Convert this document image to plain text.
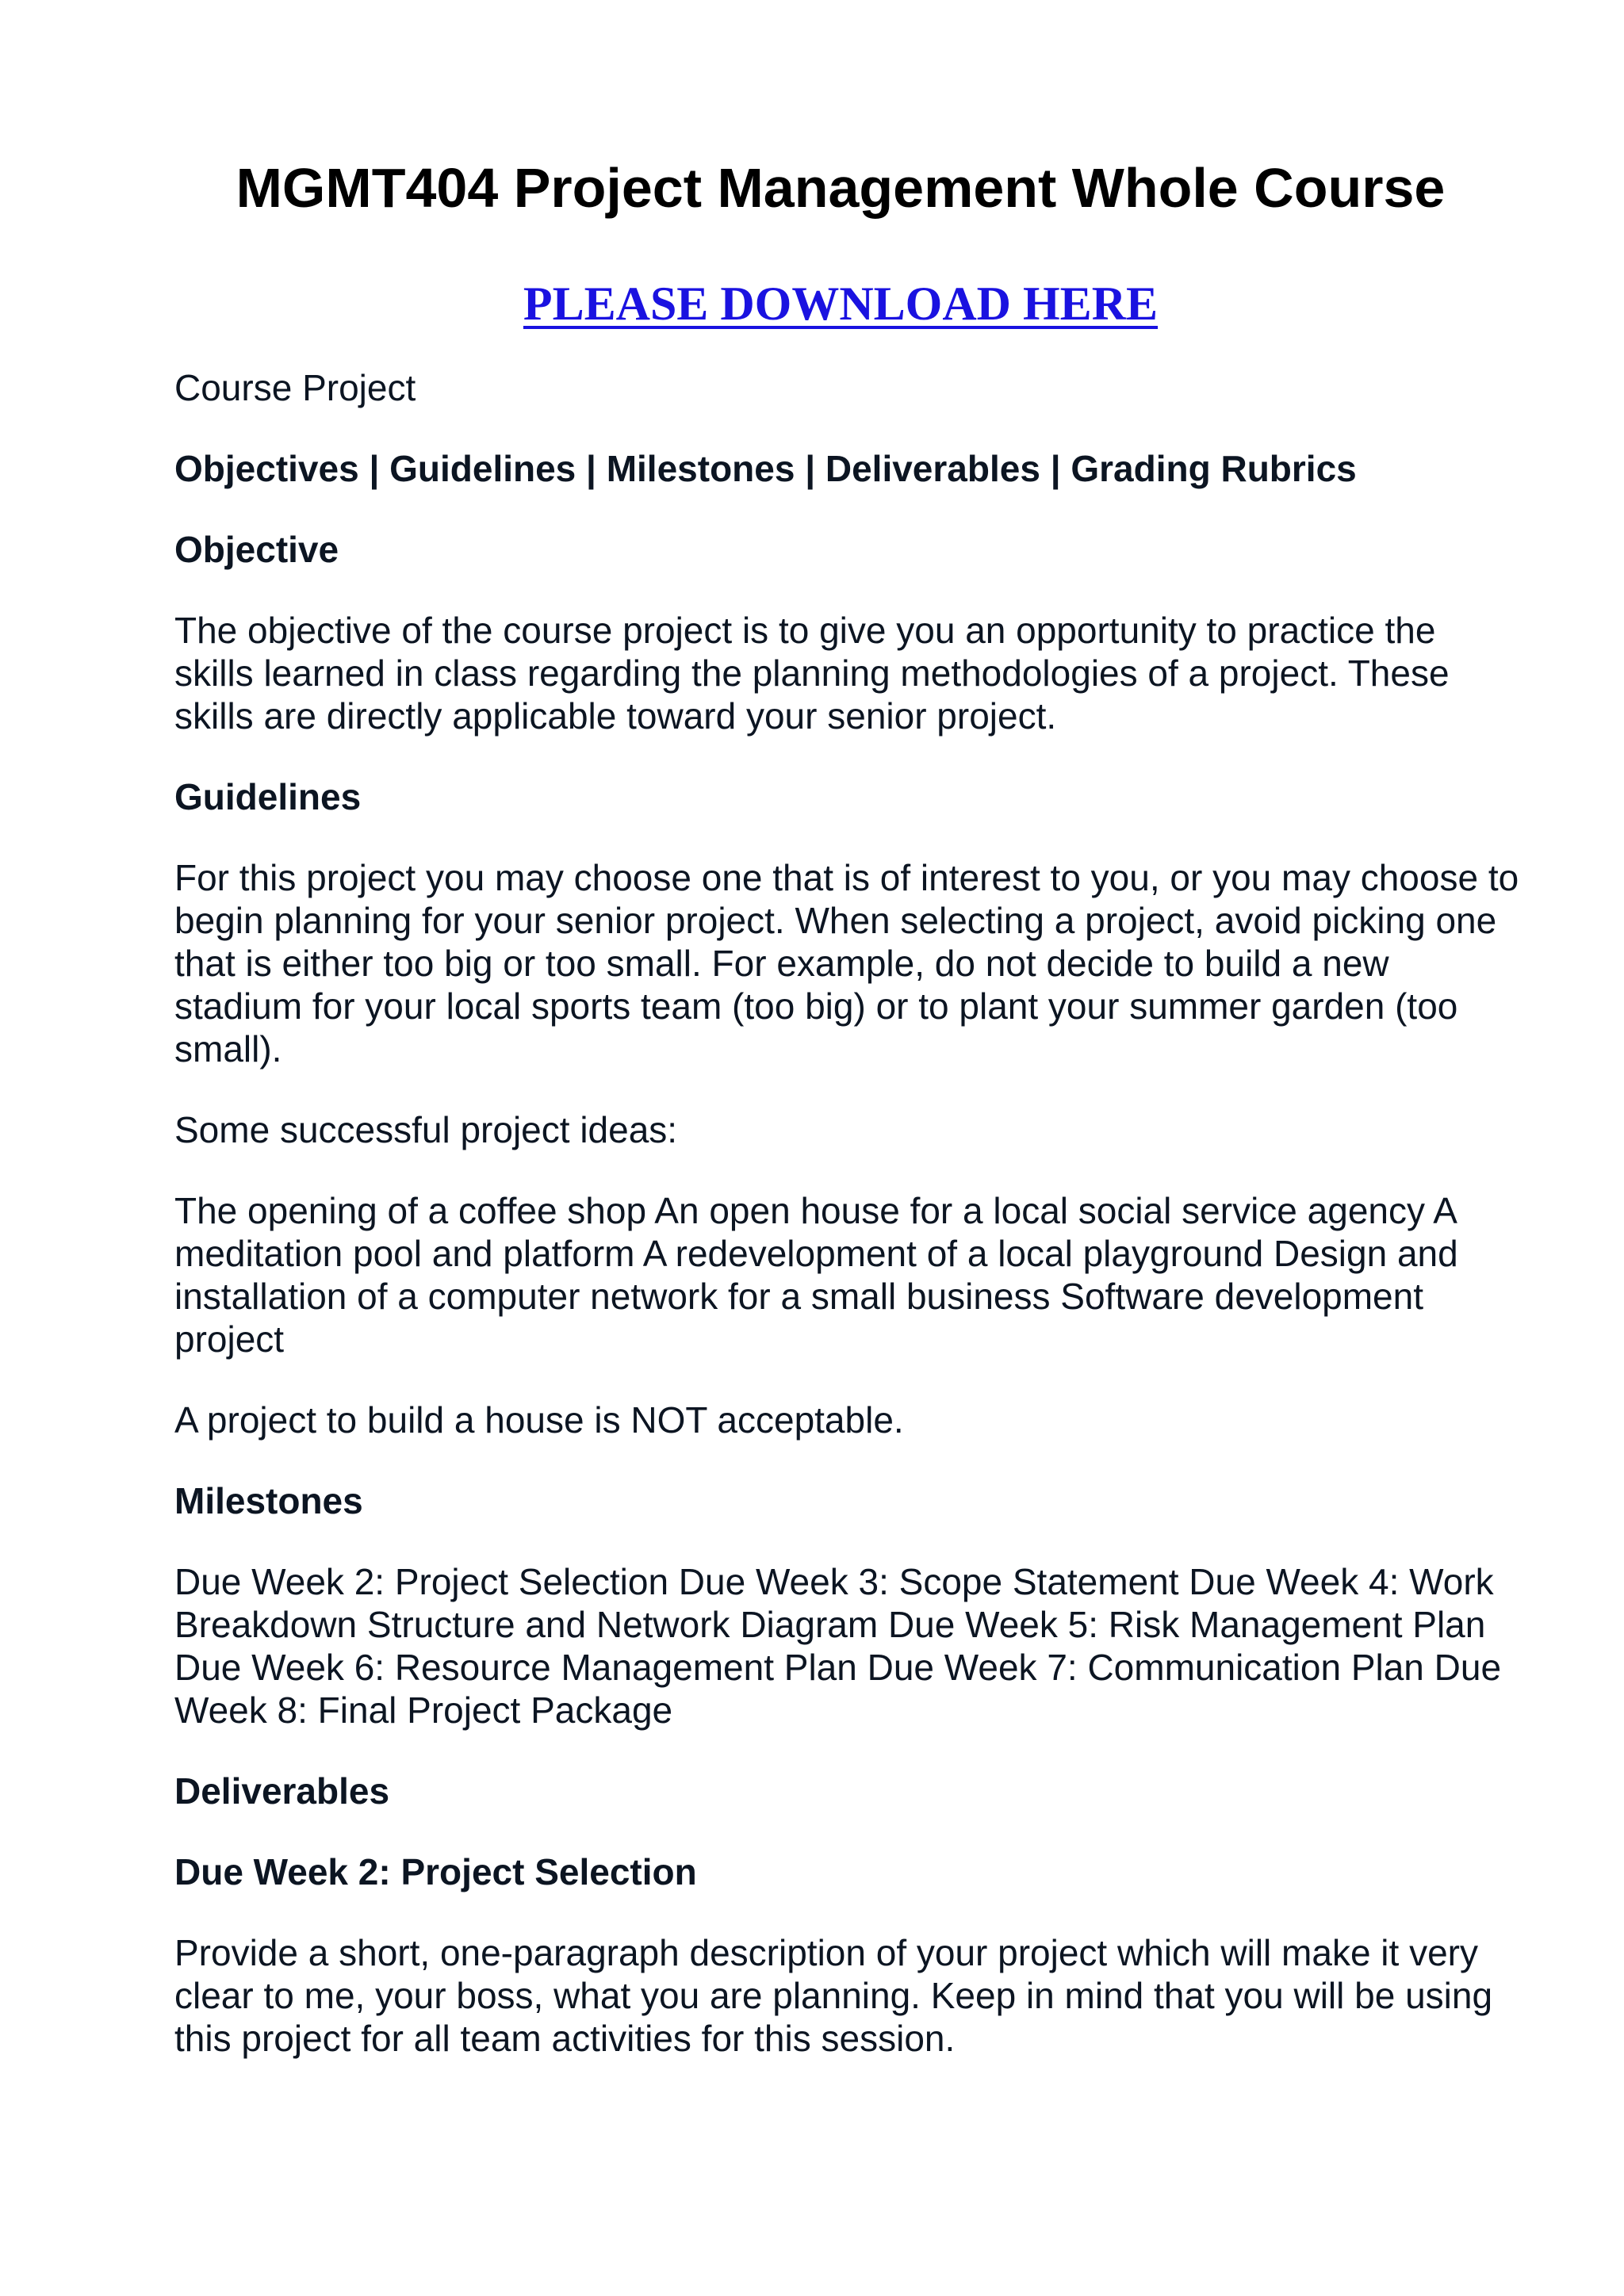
MGMT404 Project Management Whole Course
PLEASE DOWNLOAD HERE

Course Project

Objectives | Guidelines | Milestones | Deliverables | Grading Rubrics

Objective

The objective of the course project is to give you an opportunity to practice the skills learned in class regarding the planning methodologies of a project. These skills are directly applicable toward your senior project.

Guidelines

For this project you may choose one that is of interest to you, or you may choose to begin planning for your senior project. When selecting a project, avoid picking one that is either too big or too small. For example, do not decide to build a new stadium for your local sports team (too big) or to plant your summer garden (too small).

Some successful project ideas:

The opening of a coffee shop An open house for a local social service agency A meditation pool and platform A redevelopment of a local playground Design and installation of a computer network for a small business Software development project

A project to build a house is NOT acceptable.

Milestones

Due Week 2: Project Selection Due Week 3: Scope Statement Due Week 4: Work Breakdown Structure and Network Diagram Due Week 5: Risk Management Plan Due Week 6: Resource Management Plan Due Week 7: Communication Plan Due Week 8: Final Project Package

Deliverables

Due Week 2: Project Selection

Provide a short, one-paragraph description of your project which will make it very clear to me, your boss, what you are planning. Keep in mind that you will be using this project for all team activities for this session.
